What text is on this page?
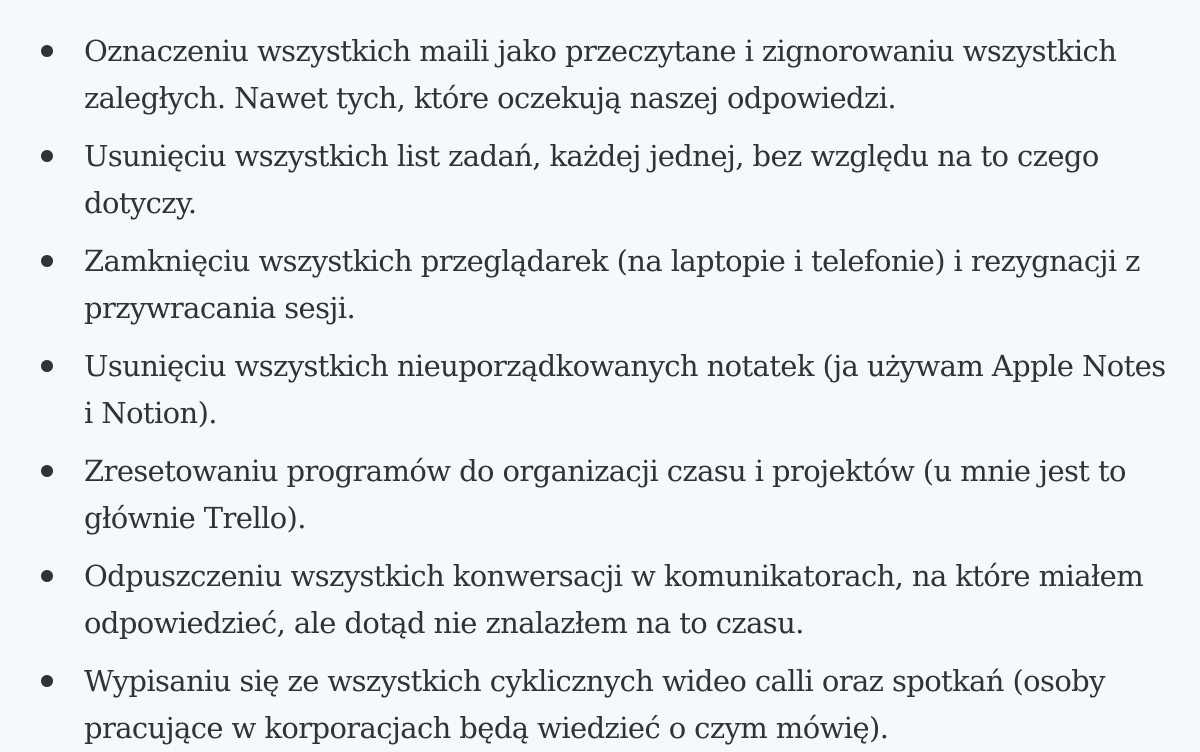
Oznaczeniu wszystkich maili jako przeczytane i zignorowaniu wszystkich zaległych. Nawet tych, które oczekują naszej odpowiedzi.
Usunięciu wszystkich list zadań, każdej jednej, bez względu na to czego dotyczy.
Zamknięciu wszystkich przeglądarek (na laptopie i telefonie) i rezygnacji z przywracania sesji.
Usunięciu wszystkich nieuporządkowanych notatek (ja używam Apple Notes i Notion).
Zresetowaniu programów do organizacji czasu i projektów (u mnie jest to głównie Trello).
Odpuszczeniu wszystkich konwersacji w komunikatorach, na które miałem odpowiedzieć, ale dotąd nie znalazłem na to czasu.
Wypisaniu się ze wszystkich cyklicznych wideo calli oraz spotkań (osoby pracujące w korporacjach będą wiedzieć o czym mówię).
